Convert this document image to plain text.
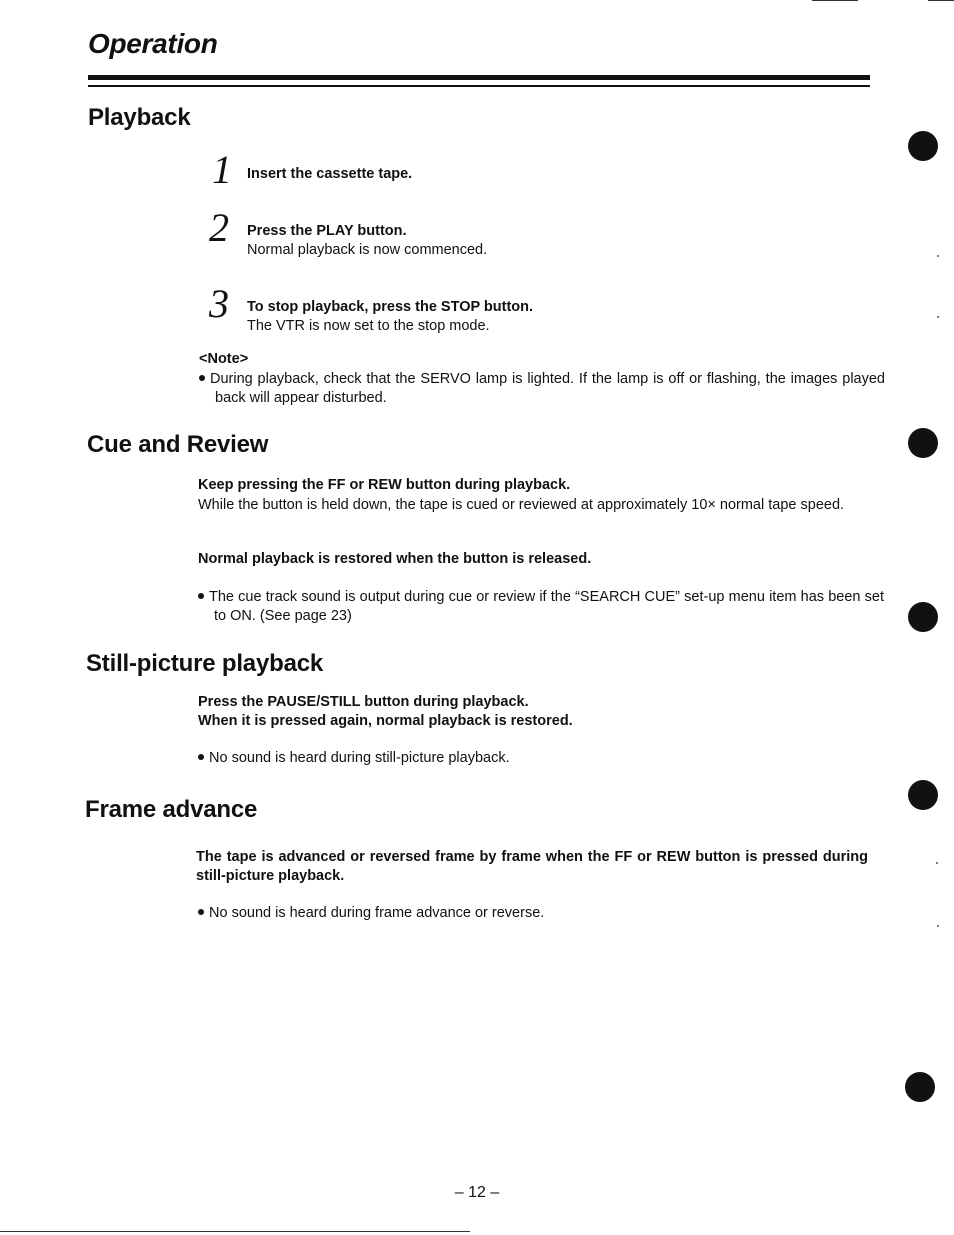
Operation
Playback
1 Insert the cassette tape.
2 Press the PLAY button.
Normal playback is now commenced.
3 To stop playback, press the STOP button.
The VTR is now set to the stop mode.
<Note>
During playback, check that the SERVO lamp is lighted. If the lamp is off or flashing, the images played back will appear disturbed.
Cue and Review
Keep pressing the FF or REW button during playback.
While the button is held down, the tape is cued or reviewed at approximately 10× normal tape speed.
Normal playback is restored when the button is released.
The cue track sound is output during cue or review if the “SEARCH CUE” set-up menu item has been set to ON. (See page 23)
Still-picture playback
Press the PAUSE/STILL button during playback.
When it is pressed again, normal playback is restored.
No sound is heard during still-picture playback.
Frame advance
The tape is advanced or reversed frame by frame when the FF or REW button is pressed during still-picture playback.
No sound is heard during frame advance or reverse.
– 12 –
